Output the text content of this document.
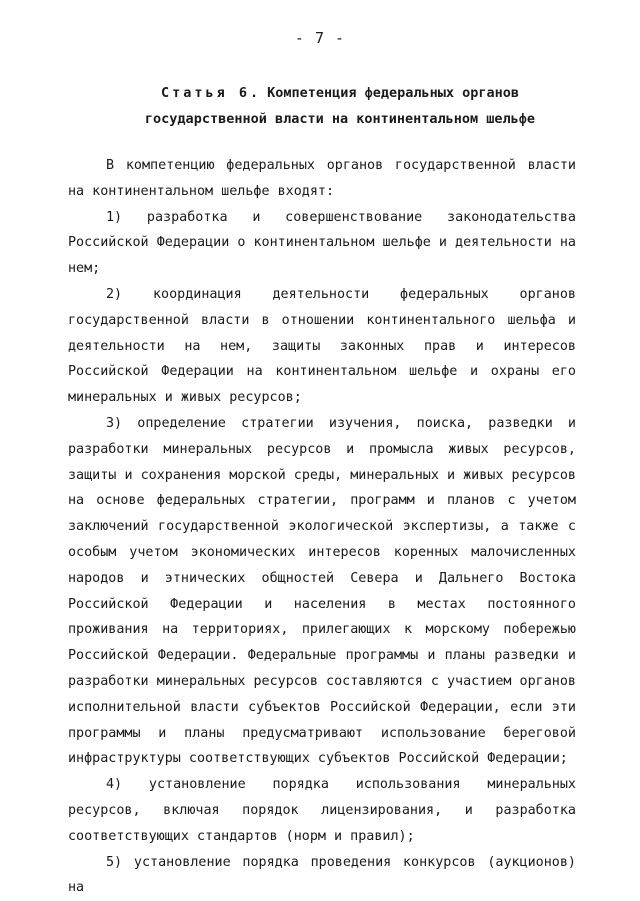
- 7 -
Статья 6. Компетенция федеральных органов государственной власти на континентальном шельфе

В компетенцию федеральных органов государственной власти на континентальном шельфе входят:

1) разработка и совершенствование законодательства Российской Федерации о континентальном шельфе и деятельности на нем;

2) координация деятельности федеральных органов государственной власти в отношении континентального шельфа и деятельности на нем, защиты законных прав и интересов Российской Федерации на континентальном шельфе и охраны его минеральных и живых ресурсов;

3) определение стратегии изучения, поиска, разведки и разработки минеральных ресурсов и промысла живых ресурсов, защиты и сохранения морской среды, минеральных и живых ресурсов на основе федеральных стратегии, программ и планов с учетом заключений государственной экологической экспертизы, а также с особым учетом экономических интересов коренных малочисленных народов и этнических общностей Севера и Дальнего Востока Российской Федерации и населения в местах постоянного проживания на территориях, прилегающих к морскому побережью Российской Федерации. Федеральные программы и планы разведки и разработки минеральных ресурсов составляются с участием органов исполнительной власти субъектов Российской Федерации, если эти программы и планы предусматривают использование береговой инфраструктуры соответствующих субъектов Российской Федерации;

4) установление порядка использования минеральных ресурсов, включая порядок лицензирования, и разработка соответствующих стандартов (норм и правил);

5) установление порядка проведения конкурсов (аукционов) на
